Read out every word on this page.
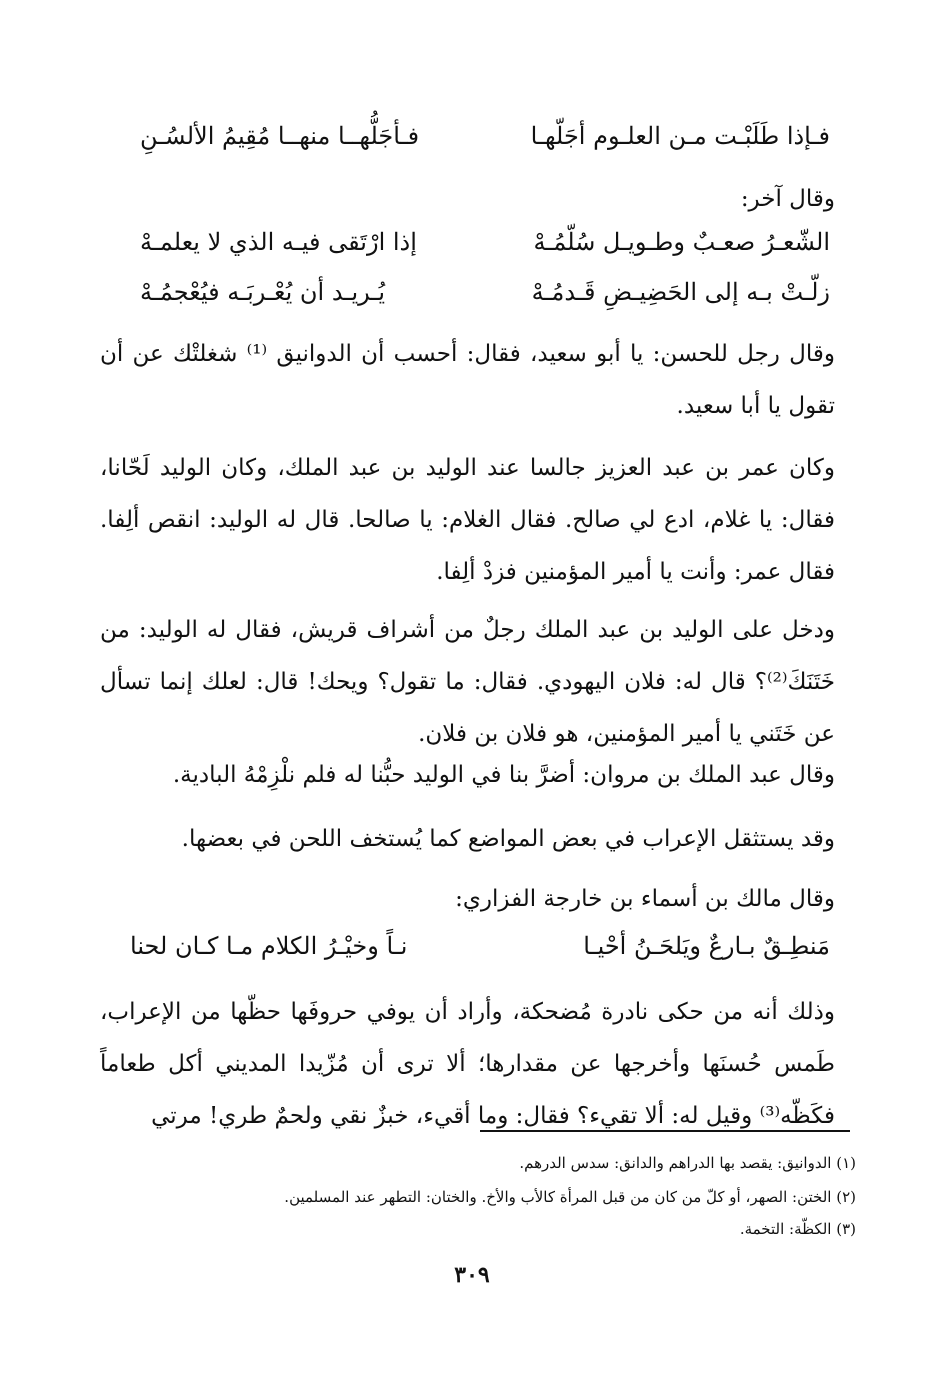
فـإذا طَلَبْـت مـن العلـوم أجَلّهـا
فـأجَلُّهــا منهــا مُقِيمُ الألسُـنِ
وقال آخر:
الشّعـرُ صعـبٌ وطـويـل سُلّمُـهْ
إذا ارْتَقى فيـه الذي لا يعلمـهْ
زلّـتْ بـه إلى الحَضِيـضِ قَـدمُـهْ
يُـريـد أن يُعْـربَـه فيُعْجمُـهْ
وقال رجل للحسن: يا أبو سعيد، فقال: أحسب أن الدوانيق ⁽¹⁾ شغلتْك عن أن تقول يا أبا سعيد.
وكان عمر بن عبد العزيز جالسا عند الوليد بن عبد الملك، وكان الوليد لَحّانا، فقال: يا غلام، ادع لي صالح. فقال الغلام: يا صالحا. قال له الوليد: انقص ألِفا. فقال عمر: وأنت يا أمير المؤمنين فزدْ ألِفا.
ودخل على الوليد بن عبد الملك رجلٌ من أشراف قريش، فقال له الوليد: من خَتَنَكَ⁽²⁾؟ قال له: فلان اليهودي. فقال: ما تقول؟ ويحك! قال: لعلك إنما تسأل عن خَتَني يا أمير المؤمنين، هو فلان بن فلان.
وقال عبد الملك بن مروان: أضرَّ بنا في الوليد حبُّنا له فلم نلْزِمْهُ البادية.
وقد يستثقل الإعراب في بعض المواضع كما يُستخف اللحن في بعضها.
وقال مالك بن أسماء بن خارجة الفزاري:
مَنطِـقٌ بـارعٌ ويَلحَـنُ أحْيـا
نـاً وخيْـرُ الكلام مـا كـان لحنا
وذلك أنه من حكى نادرة مُضحكة، وأراد أن يوفي حروفَها حظّها من الإعراب، طَمس حُسنَها وأخرجها عن مقدارها؛ ألا ترى أن مُزّيدا المديني أكل طعاماً فكَظّه⁽³⁾ وقيل له: ألا تقيء؟ فقال: وما أقيء، خبزٌ نقي ولحمٌ طري! مرتي
(١) الدوانيق: يقصد بها الدراهم والدانق: سدس الدرهم.
(٢) الختن: الصهر، أو كلّ من كان من قبل المرأة كالأب والأخ. والختان: التطهر عند المسلمين.
(٣) الكظّة: التخمة.
٣٠٩
